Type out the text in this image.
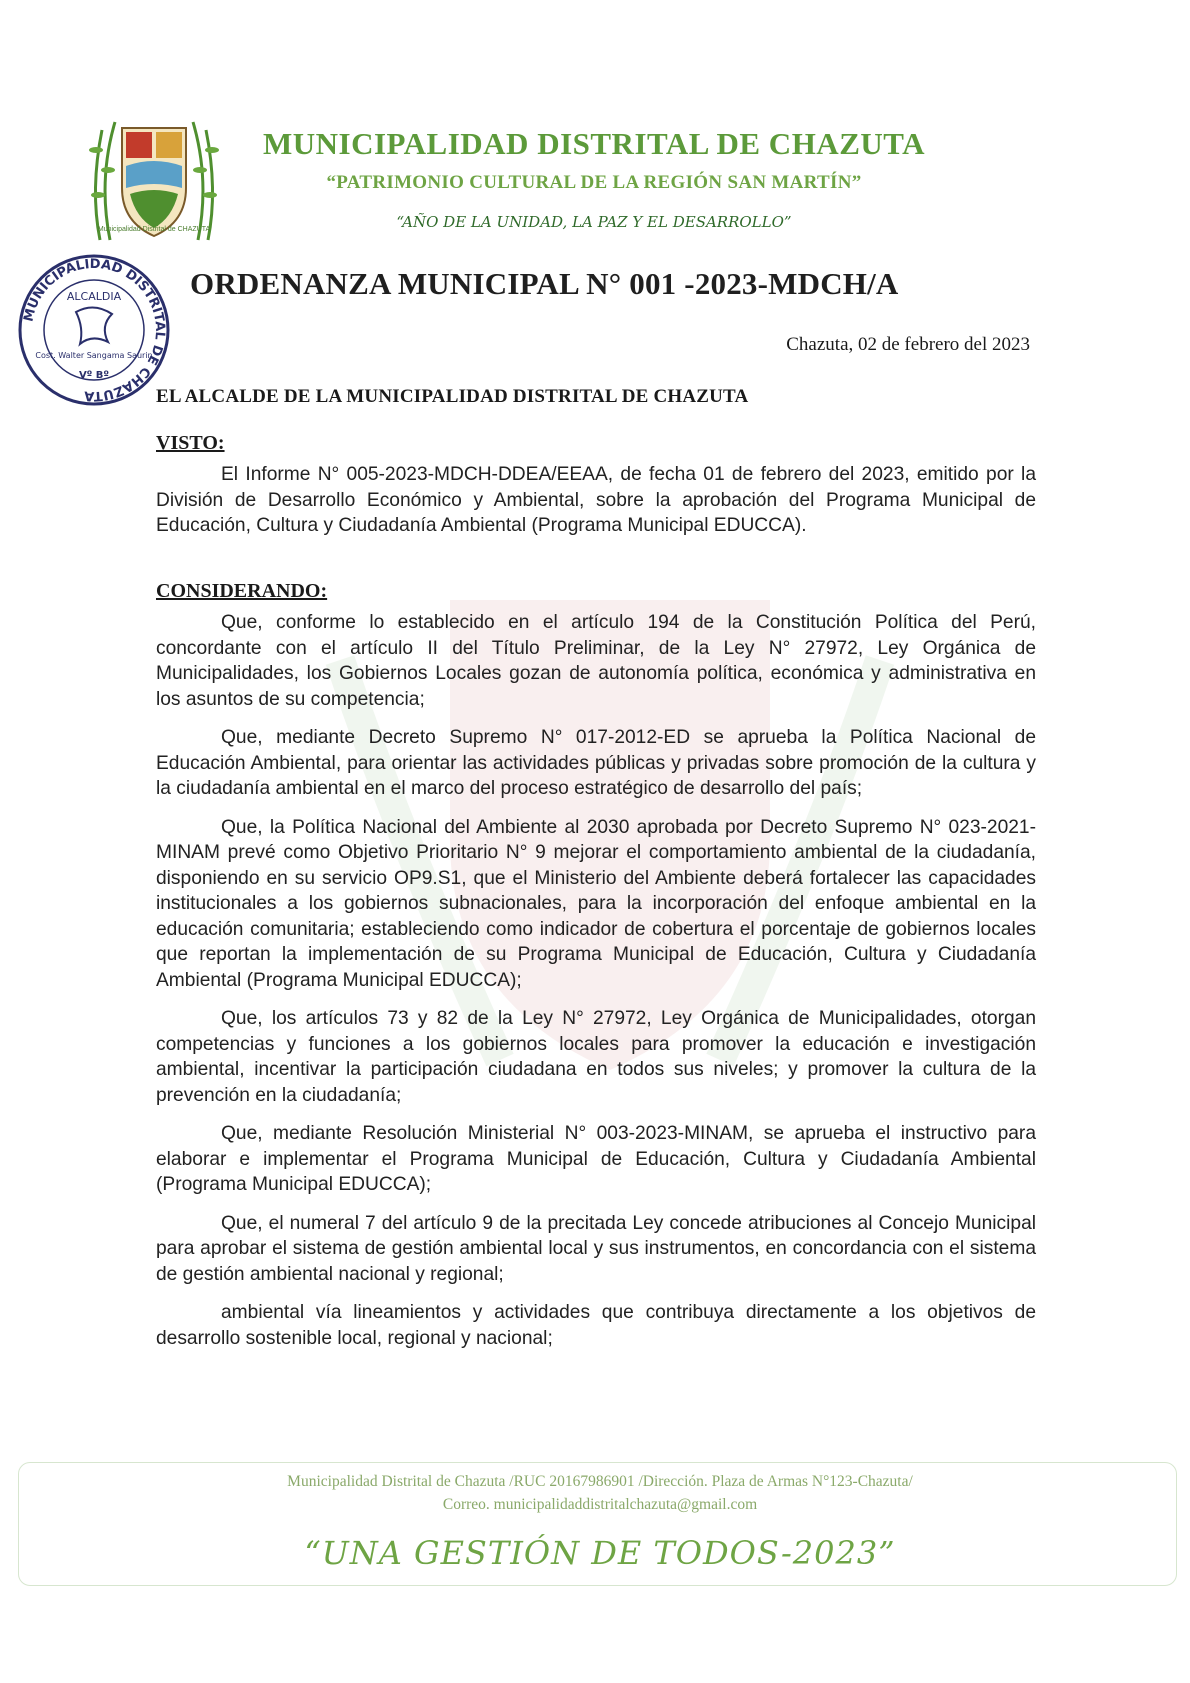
Municipalidad Distrital de CHAZUTA
MUNICIPALIDAD DISTRITAL DE CHAZUTA
“PATRIMONIO CULTURAL DE LA REGIÓN SAN MARTÍN”
“AÑO DE LA UNIDAD, LA PAZ Y EL DESARROLLO”
MUNICIPALIDAD DISTRITAL DE CHAZUTA
ALCALDIA
Cost. Walter Sangama Saurin
Vº Bº
ORDENANZA MUNICIPAL N° 001 -2023-MDCH/A
Chazuta, 02 de febrero del 2023
EL ALCALDE DE LA MUNICIPALIDAD DISTRITAL DE CHAZUTA
VISTO:

El Informe N° 005-2023-MDCH-DDEA/EEAA, de fecha 01 de febrero del 2023, emitido por la División de Desarrollo Económico y Ambiental, sobre la aprobación del Programa Municipal de Educación, Cultura y Ciudadanía Ambiental (Programa Municipal EDUCCA).

CONSIDERANDO:

Que, conforme lo establecido en el artículo 194 de la Constitución Política del Perú, concordante con el artículo II del Título Preliminar, de la Ley N° 27972, Ley Orgánica de Municipalidades, los Gobiernos Locales gozan de autonomía política, económica y administrativa en los asuntos de su competencia;

Que, mediante Decreto Supremo N° 017-2012-ED se aprueba la Política Nacional de Educación Ambiental, para orientar las actividades públicas y privadas sobre promoción de la cultura y la ciudadanía ambiental en el marco del proceso estratégico de desarrollo del país;

Que, la Política Nacional del Ambiente al 2030 aprobada por Decreto Supremo N° 023-2021-MINAM prevé como Objetivo Prioritario N° 9 mejorar el comportamiento ambiental de la ciudadanía, disponiendo en su servicio OP9.S1, que el Ministerio del Ambiente deberá fortalecer las capacidades institucionales a los gobiernos subnacionales, para la incorporación del enfoque ambiental en la educación comunitaria; estableciendo como indicador de cobertura el porcentaje de gobiernos locales que reportan la implementación de su Programa Municipal de Educación, Cultura y Ciudadanía Ambiental (Programa Municipal EDUCCA);

Que, los artículos 73 y 82 de la Ley N° 27972, Ley Orgánica de Municipalidades, otorgan competencias y funciones a los gobiernos locales para promover la educación e investigación ambiental, incentivar la participación ciudadana en todos sus niveles; y promover la cultura de la prevención en la ciudadanía;

Que, mediante Resolución Ministerial N° 003-2023-MINAM, se aprueba el instructivo para elaborar e implementar el Programa Municipal de Educación, Cultura y Ciudadanía Ambiental (Programa Municipal EDUCCA);

Que, el numeral 7 del artículo 9 de la precitada Ley concede atribuciones al Concejo Municipal para aprobar el sistema de gestión ambiental local y sus instrumentos, en concordancia con el sistema de gestión ambiental nacional y regional;

ambiental vía lineamientos y actividades que contribuya directamente a los objetivos de desarrollo sostenible local, regional y nacional;

Municipalidad Distrital de Chazuta /RUC 20167986901 /Dirección. Plaza de Armas N°123-Chazuta/
Correo. municipalidaddistritalchazuta@gmail.com
“UNA GESTIÓN DE TODOS-2023”
